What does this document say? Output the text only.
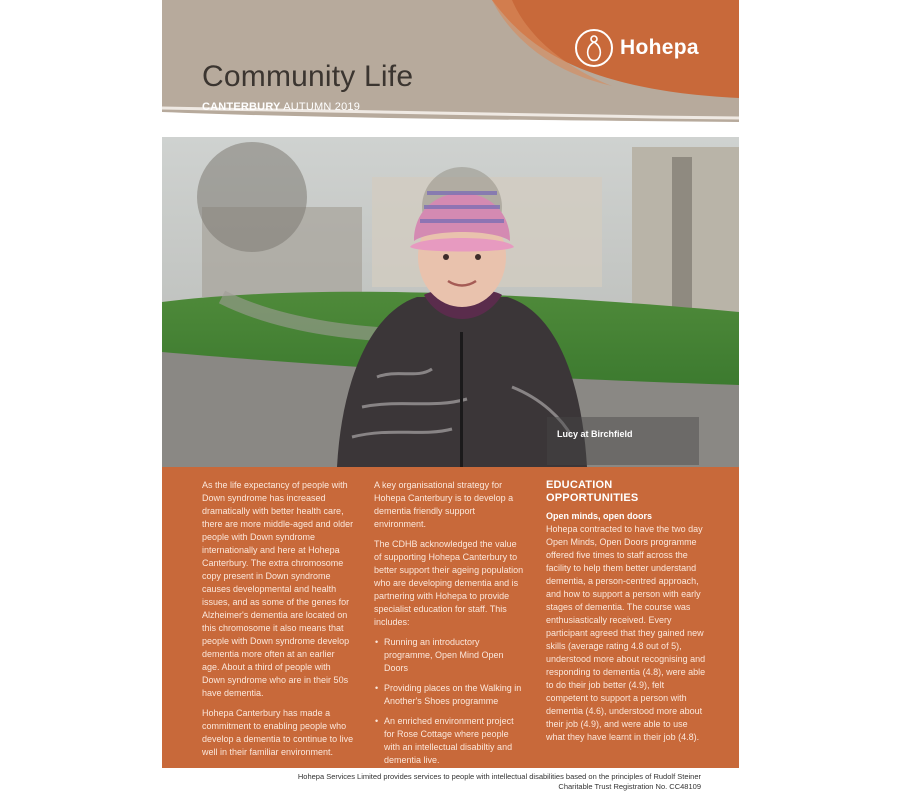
Community Life
CANTERBURY AUTUMN 2019
Hohepa
Lucy at Birchfield

As the life expectancy of people with Down syndrome has increased dramatically with better health care, there are more middle-aged and older people with Down syndrome internationally and here at Hohepa Canterbury. The extra chromosome copy present in Down syndrome causes developmental and health issues, and as some of the genes for Alzheimer's dementia are located on this chromosome it also means that people with Down syndrome develop dementia more often at an earlier age. About a third of people with Down syndrome who are in their 50s have dementia.

Hohepa Canterbury has made a commitment to enabling people who develop a dementia to continue to live well in their familiar environment.

A key organisational strategy for Hohepa Canterbury is to develop a dementia friendly support environment.

The CDHB acknowledged the value of supporting Hohepa Canterbury to better support their ageing population who are developing dementia and is partnering with Hohepa to provide specialist education for staff. This includes:

• Running an introductory programme, Open Mind Open Doors
• Providing places on the Walking in Another's Shoes programme
• An enriched environment project for Rose Cottage where people with an intellectual disabiltiy and dementia live.
EDUCATION OPPORTUNITIES
Open minds, open doors

Hohepa contracted to have the two day Open Minds, Open Doors programme offered five times to staff across the facility to help them better understand dementia, a person-centred approach, and how to support a person with early stages of dementia. The course was enthusiastically received. Every participant agreed that they gained new skills (average rating 4.8 out of 5), understood more about recognising and responding to dementia (4.8), were able to do their job better (4.9), felt competent to support a person with dementia (4.6), understood more about their job (4.9), and were able to use what they have learnt in their job (4.8).

Hohepa Services Limited provides services to people with intellectual disabilities based on the principles of Rudolf Steiner
Charitable Trust Registration No. CC48109
